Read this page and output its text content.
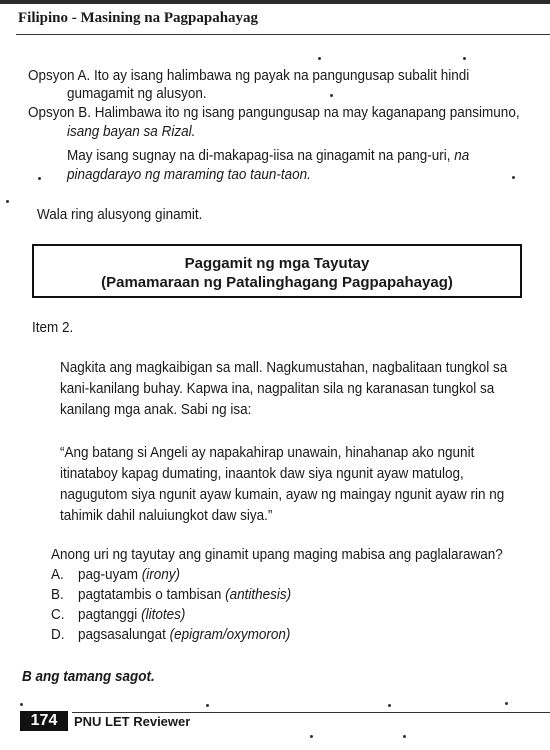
Filipino - Masining na Pagpapahayag

Opsyon A. Ito ay isang halimbawa ng payak na pangungusap subalit hindi

gumagamit ng alusyon.

Opsyon B. Halimbawa ito ng isang pangungusap na may kaganapang pansimuno,

isang bayan sa Rizal.

May isang sugnay na di-makapag-iisa na ginagamit na pang-uri, na

pinagdarayo ng maraming tao taun-taon.

Wala ring alusyong ginamit.

Paggamit ng mga Tayutay

(Pamamaraan ng Patalinghagang Pagpapahayag)

Item 2.

Nagkita ang magkaibigan sa mall. Nagkumustahan, nagbalitaan tungkol sa

kani-kanilang buhay. Kapwa ina, nagpalitan sila ng karanasan tungkol sa

kanilang mga anak. Sabi ng isa:

“Ang batang si Angeli ay napakahirap unawain, hinahanap ako ngunit

itinataboy kapag dumating, inaantok daw siya ngunit ayaw matulog,

nagugutom siya ngunit ayaw kumain, ayaw ng maingay ngunit ayaw rin ng

tahimik dahil naluiungkot daw siya.”

Anong uri ng tayutay ang ginamit upang maging mabisa ang paglalarawan?

A. pag-uyam (irony)

B. pagtatambis o tambisan (antithesis)

C. pagtanggi (litotes)

D. pagsasalungat (epigram/oxymoron)

B ang tamang sagot.

174	PNU LET Reviewer
